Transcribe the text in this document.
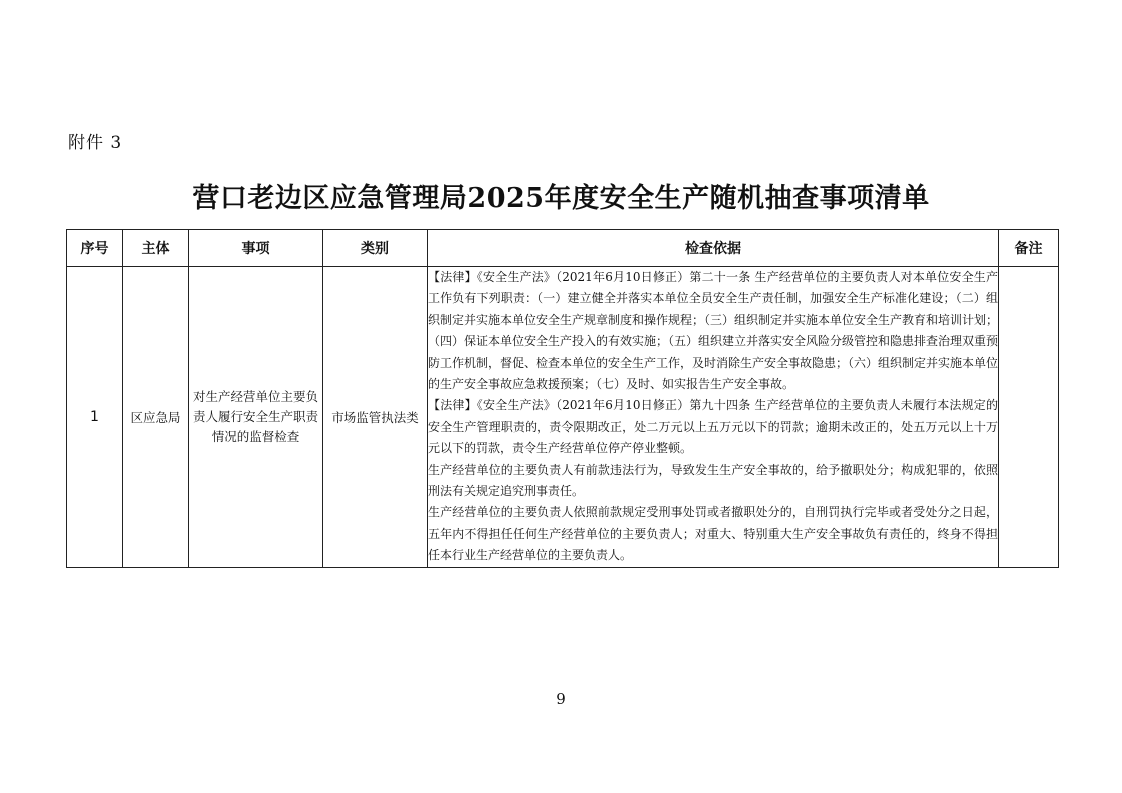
附件 3
营口老边区应急管理局2025年度安全生产随机抽查事项清单
序号	主体	事项	类别	检查依据	备注
1	区应急局	对生产经营单位主要负责人履行安全生产职责情况的监督检查	市场监管执法类	【法律】《安全生产法》（2021年6月10日修正）第二十一条 生产经营单位的主要负责人对本单位安全生产工作负有下列职责：（一）建立健全并落实本单位全员安全生产责任制，加强安全生产标准化建设；（二）组织制定并实施本单位安全生产规章制度和操作规程；（三）组织制定并实施本单位安全生产教育和培训计划；（四）保证本单位安全生产投入的有效实施；（五）组织建立并落实安全风险分级管控和隐患排查治理双重预防工作机制，督促、检查本单位的安全生产工作，及时消除生产安全事故隐患；（六）组织制定并实施本单位的生产安全事故应急救援预案；（七）及时、如实报告生产安全事故。

【法律】《安全生产法》（2021年6月10日修正）第九十四条 生产经营单位的主要负责人未履行本法规定的安全生产管理职责的，责令限期改正，处二万元以上五万元以下的罚款；逾期未改正的，处五万元以上十万元以下的罚款，责令生产经营单位停产停业整顿。

生产经营单位的主要负责人有前款违法行为，导致发生生产安全事故的，给予撤职处分；构成犯罪的，依照刑法有关规定追究刑事责任。

生产经营单位的主要负责人依照前款规定受刑事处罚或者撤职处分的，自刑罚执行完毕或者受处分之日起，五年内不得担任任何生产经营单位的主要负责人；对重大、特别重大生产安全事故负有责任的，终身不得担任本行业生产经营单位的主要负责人。	

9
